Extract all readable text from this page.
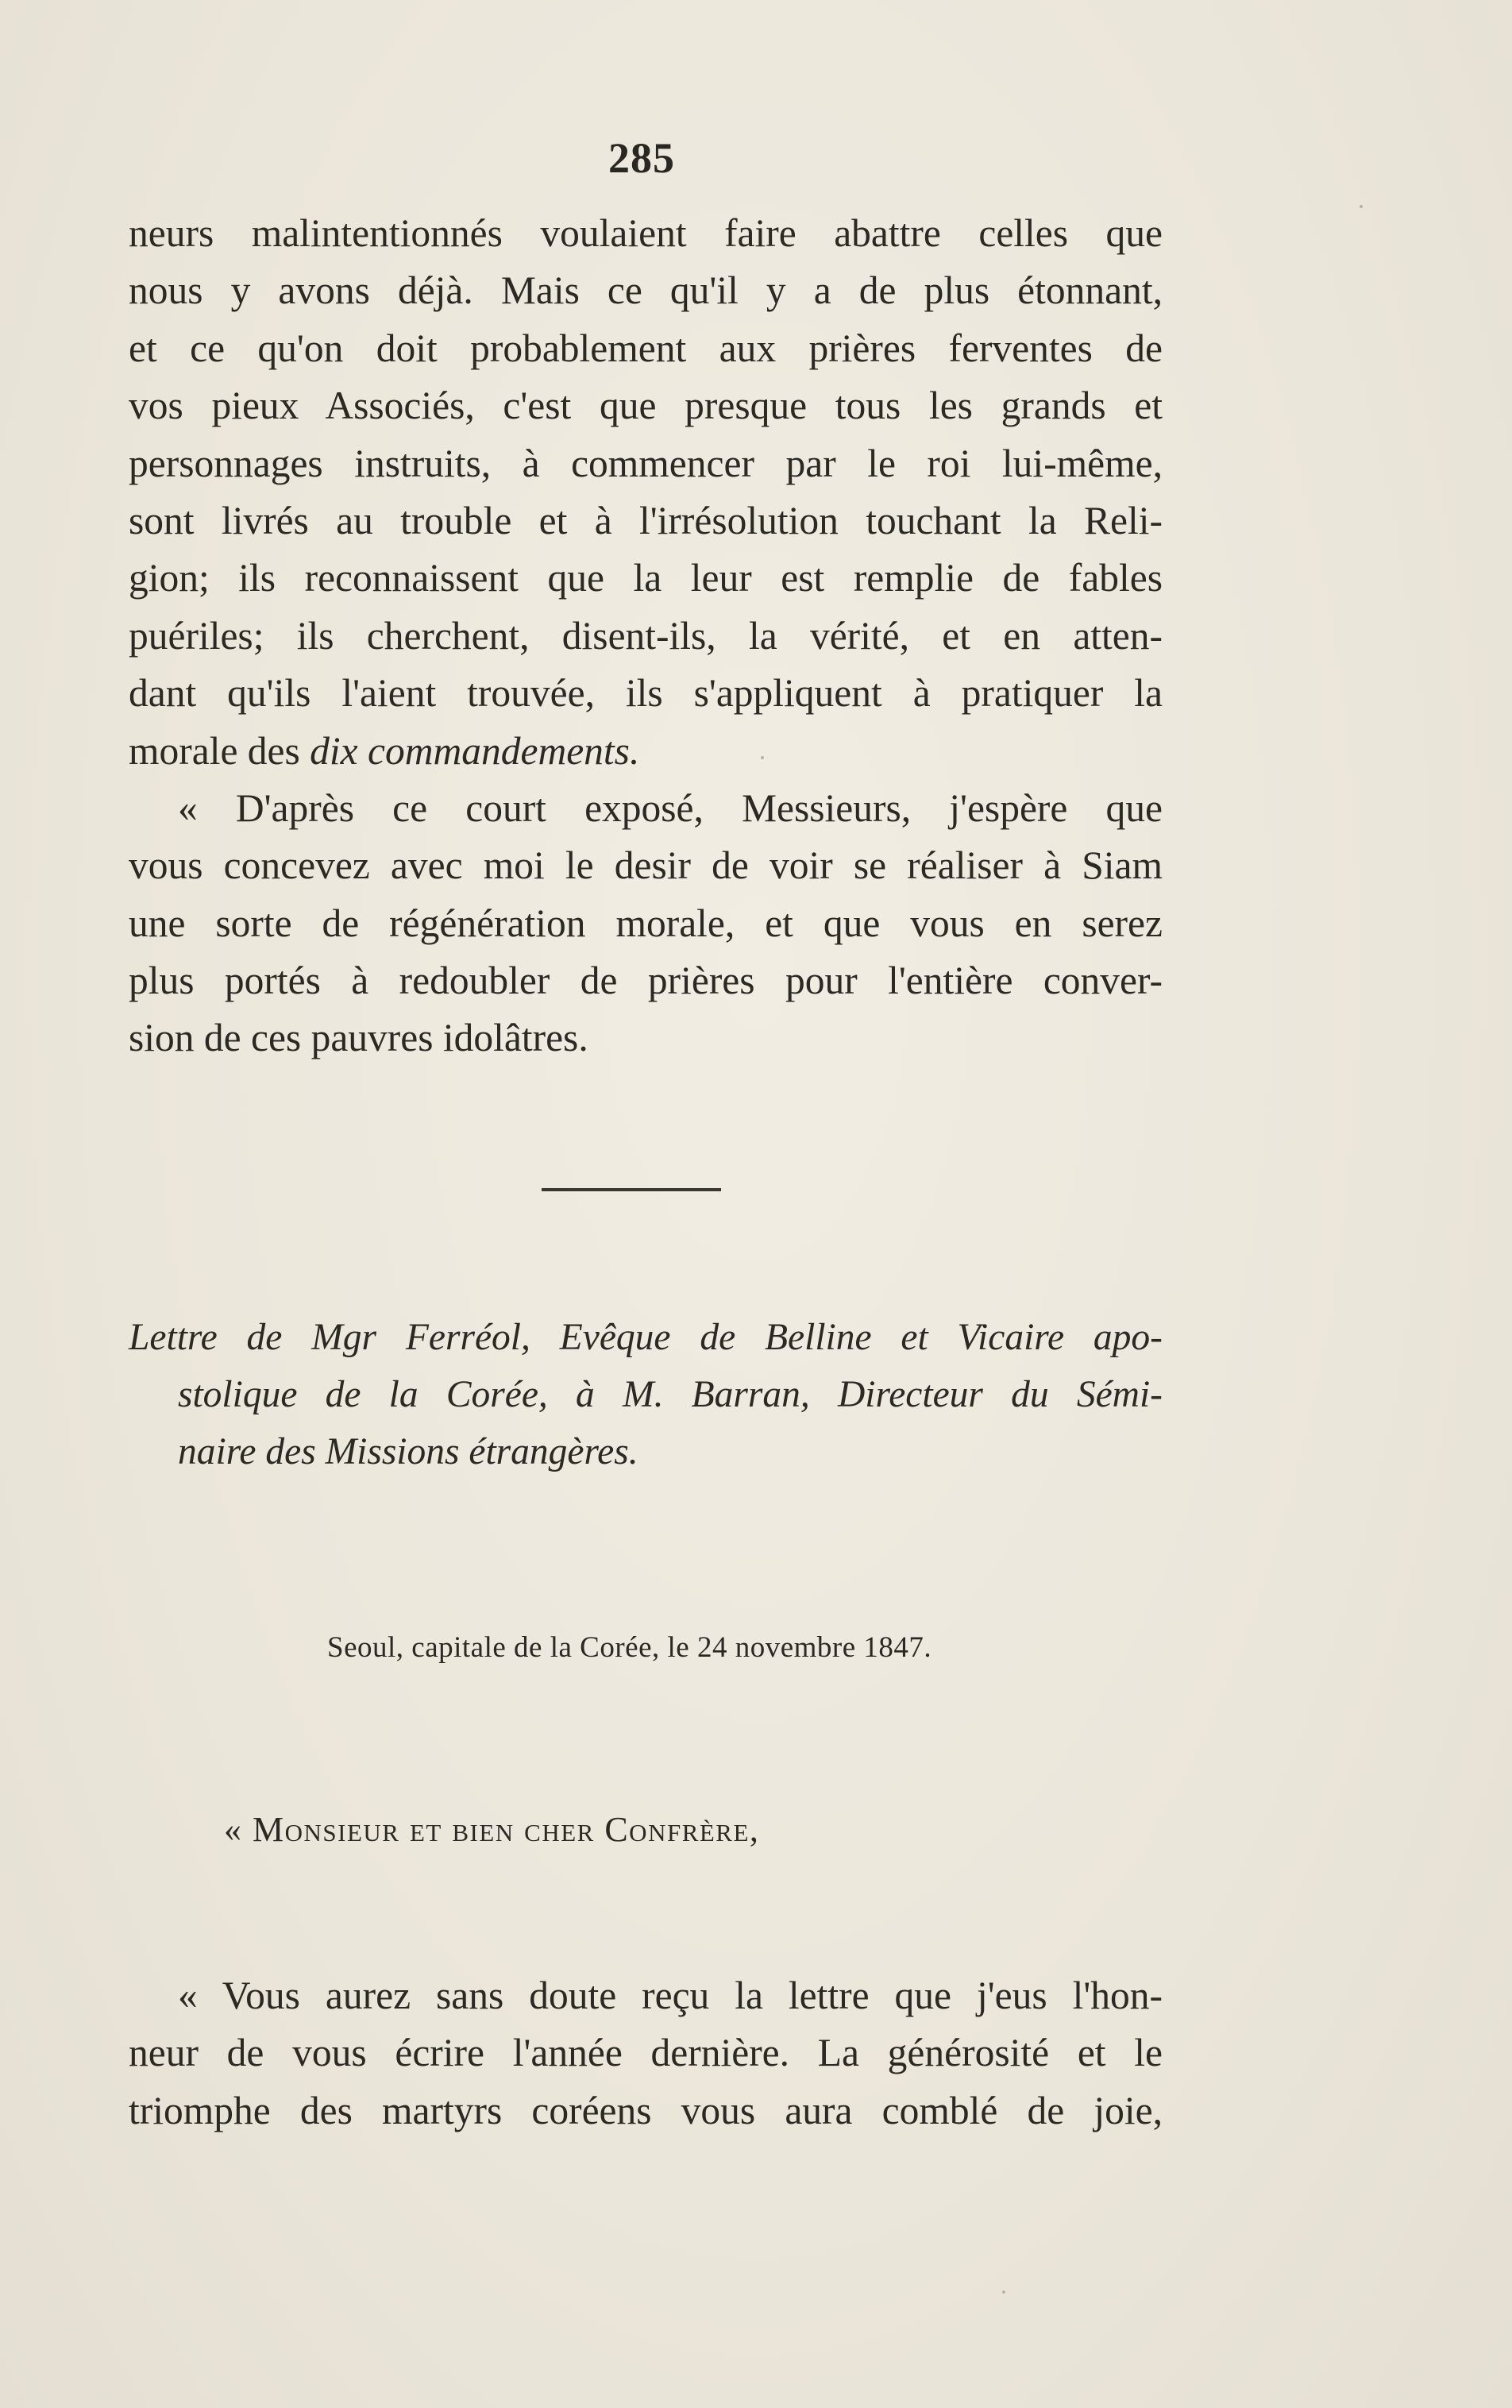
285
neurs malintentionnés voulaient faire abattre celles que
nous y avons déjà. Mais ce qu'il y a de plus étonnant,
et ce qu'on doit probablement aux prières ferventes de
vos pieux Associés, c'est que presque tous les grands et
personnages instruits, à commencer par le roi lui-même,
sont livrés au trouble et à l'irrésolution touchant la Reli-
gion; ils reconnaissent que la leur est remplie de fables
puériles; ils cherchent, disent-ils, la vérité, et en atten-
dant qu'ils l'aient trouvée, ils s'appliquent à pratiquer la
morale des dix commandements.
« D'après ce court exposé, Messieurs, j'espère que
vous concevez avec moi le desir de voir se réaliser à Siam
une sorte de régénération morale, et que vous en serez
plus portés à redoubler de prières pour l'entière conver-
sion de ces pauvres idolâtres.
Lettre de Mgr Ferréol, Evêque de Belline et Vicaire apo-
stolique de la Corée, à M. Barran, Directeur du Sémi-
naire des Missions étrangères.
Seoul, capitale de la Corée, le 24 novembre 1847.
« Monsieur et bien cher Confrère,
« Vous aurez sans doute reçu la lettre que j'eus l'hon-
neur de vous écrire l'année dernière. La générosité et le
triomphe des martyrs coréens vous aura comblé de joie,
